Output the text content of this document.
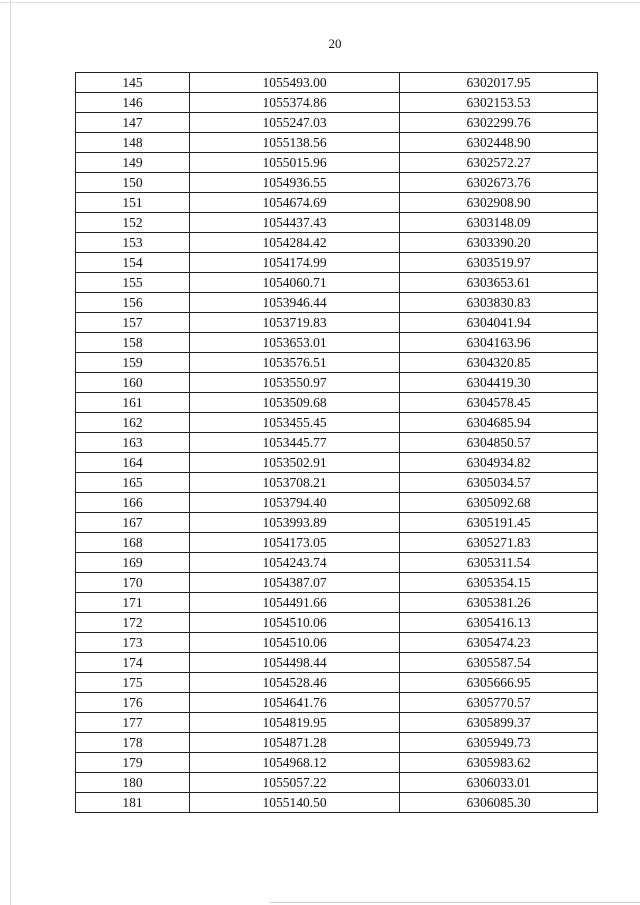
20
145	1055493.00	6302017.95
146	1055374.86	6302153.53
147	1055247.03	6302299.76
148	1055138.56	6302448.90
149	1055015.96	6302572.27
150	1054936.55	6302673.76
151	1054674.69	6302908.90
152	1054437.43	6303148.09
153	1054284.42	6303390.20
154	1054174.99	6303519.97
155	1054060.71	6303653.61
156	1053946.44	6303830.83
157	1053719.83	6304041.94
158	1053653.01	6304163.96
159	1053576.51	6304320.85
160	1053550.97	6304419.30
161	1053509.68	6304578.45
162	1053455.45	6304685.94
163	1053445.77	6304850.57
164	1053502.91	6304934.82
165	1053708.21	6305034.57
166	1053794.40	6305092.68
167	1053993.89	6305191.45
168	1054173.05	6305271.83
169	1054243.74	6305311.54
170	1054387.07	6305354.15
171	1054491.66	6305381.26
172	1054510.06	6305416.13
173	1054510.06	6305474.23
174	1054498.44	6305587.54
175	1054528.46	6305666.95
176	1054641.76	6305770.57
177	1054819.95	6305899.37
178	1054871.28	6305949.73
179	1054968.12	6305983.62
180	1055057.22	6306033.01
181	1055140.50	6306085.30
